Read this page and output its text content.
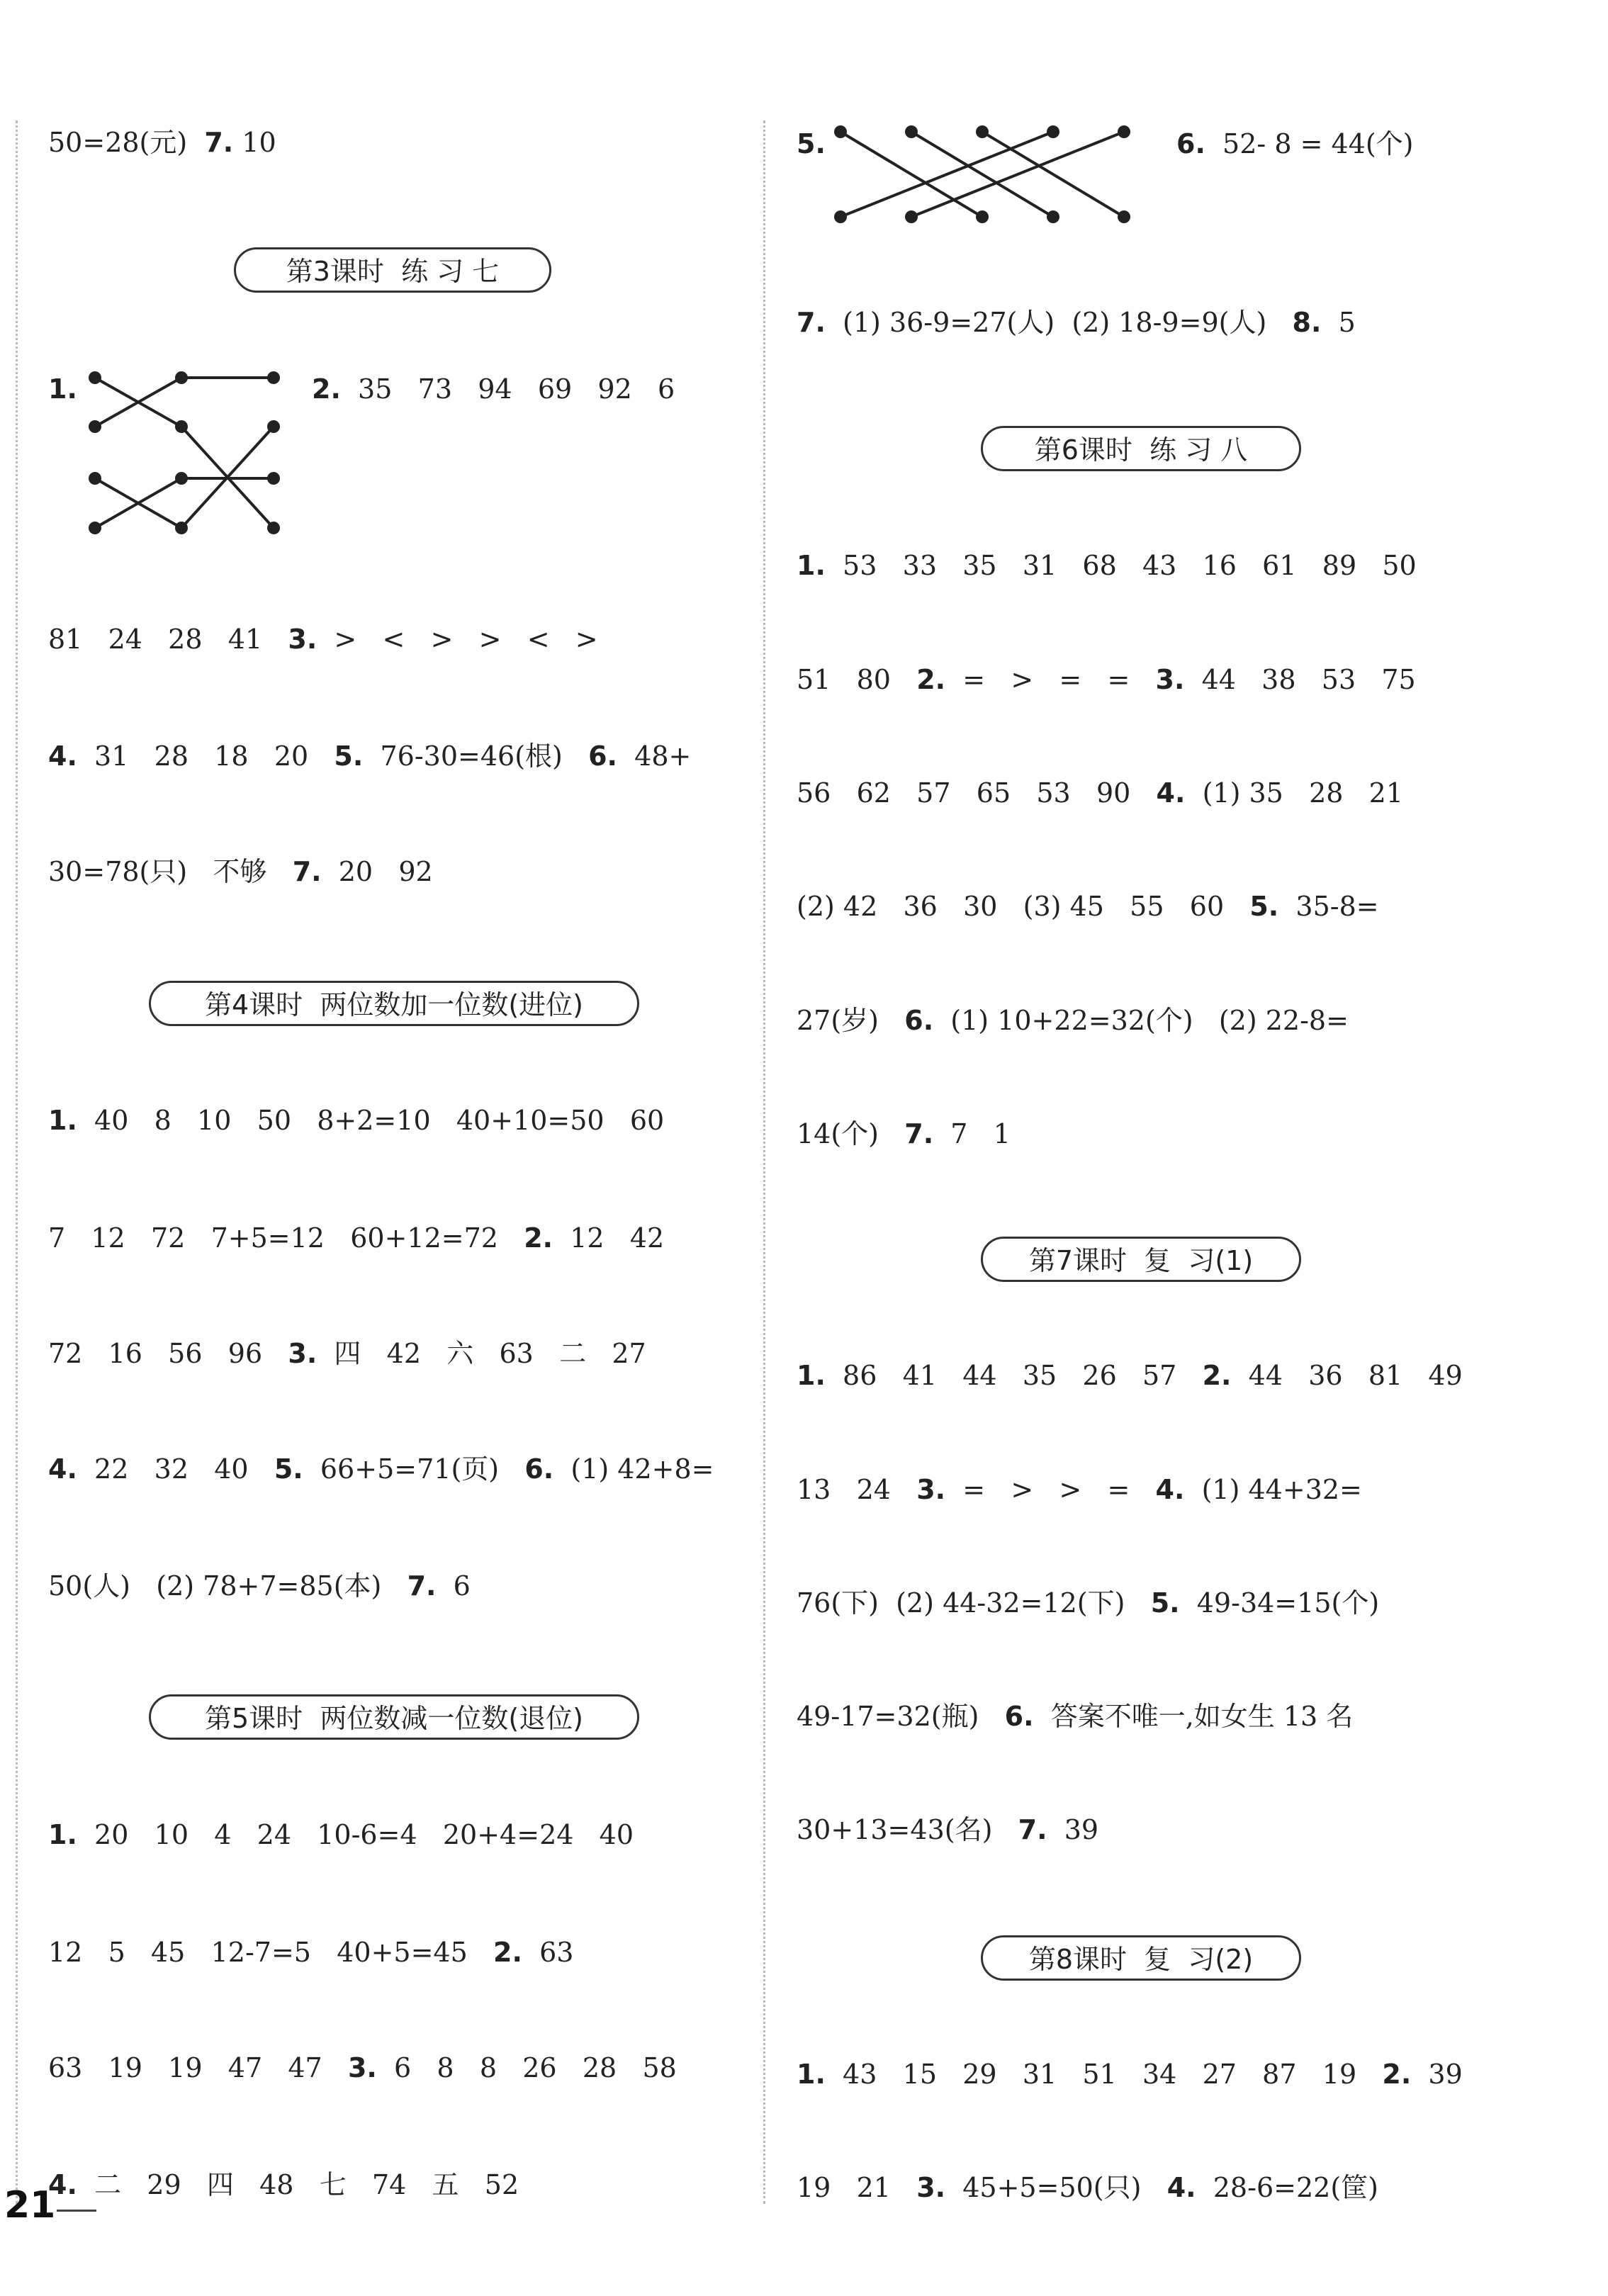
50=28(元)  7. 10
第3课时  练 习 七
1.	2.  35   73   94   69   92   6
81   24   28   41   3.  >   <   >   >   <   >
4.  31   28   18   20   5.  76-30=46(根)   6.  48+
30=78(只)   不够   7.  20   92
第4课时  两位数加一位数(进位)
1.  40   8   10   50   8+2=10   40+10=50   60
7   12   72   7+5=12   60+12=72   2.  12   42
72   16   56   96   3.  四   42   六   63   二   27
4.  22   32   40   5.  66+5=71(页)   6.  (1) 42+8=
50(人)   (2) 78+7=85(本)   7.  6
第5课时  两位数减一位数(退位)
1.  20   10   4   24   10-6=4   20+4=24   40
12   5   45   12-7=5   40+5=45   2.  63
63   19   19   47   47   3.  6   8   8   26   28   58
4.  二   29   四   48   七   74   五   52
5.	6.  52- 8 = 44(个)
7.  (1) 36-9=27(人)  (2) 18-9=9(人)   8.  5
第6课时  练 习 八
1.  53   33   35   31   68   43   16   61   89   50
51   80   2.  =   >   =   =   3.  44   38   53   75
56   62   57   65   53   90   4.  (1) 35   28   21
(2) 42   36   30   (3) 45   55   60   5.  35-8=
27(岁)   6.  (1) 10+22=32(个)   (2) 22-8=
14(个)   7.  7   1
第7课时  复  习(1)
1.  86   41   44   35   26   57   2.  44   36   81   49
13   24   3.  =   >   >   =   4.  (1) 44+32=
76(下)  (2) 44-32=12(下)   5.  49-34=15(个)
49-17=32(瓶)   6.  答案不唯一,如女生 13 名
30+13=43(名)   7.  39
第8课时  复  习(2)
1.  43   15   29   31   51   34   27   87   19   2.  39
19   21   3.  45+5=50(只)   4.  28-6=22(筐)
21
